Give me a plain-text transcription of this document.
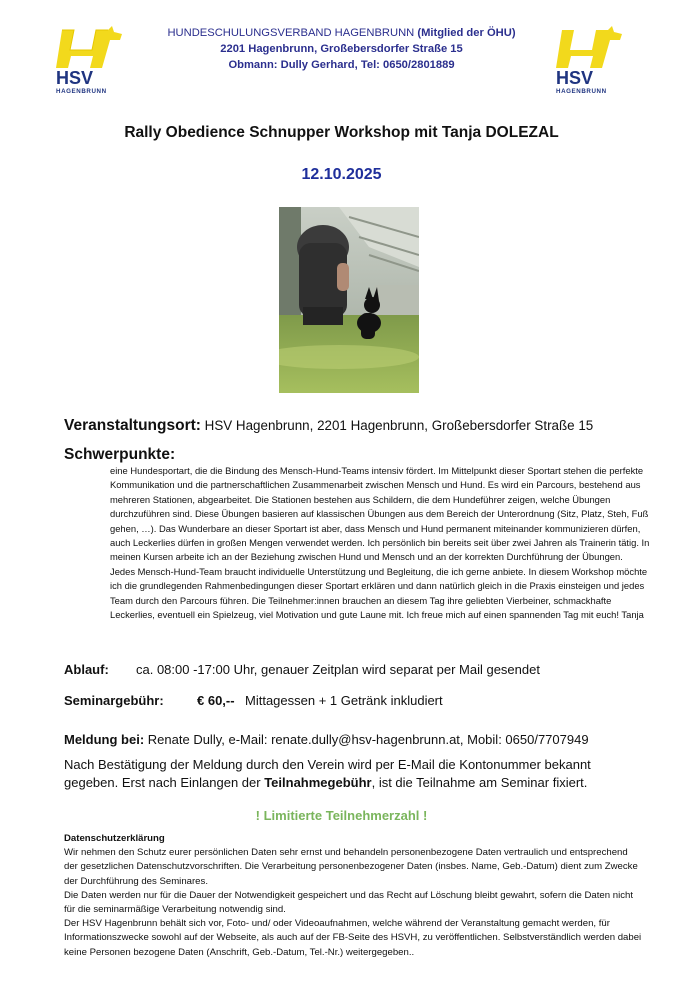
HSV
HAGENBRUNN
HSV
HAGENBRUNN
HUNDESCHULUNGSVERBAND HAGENBRUNN (Mitglied der ÖHU)
2201 Hagenbrunn, Großebersdorfer Straße 15
Obmann: Dully Gerhard, Tel: 0650/2801889
Rally Obedience Schnupper Workshop mit Tanja DOLEZAL
12.10.2025
Veranstaltungsort: HSV Hagenbrunn, 2201 Hagenbrunn, Großebersdorfer Straße 15
Schwerpunkte:
eine Hundesportart, die die Bindung des Mensch-Hund-Teams intensiv fördert. Im Mittelpunkt dieser Sportart stehen die perfekte Kommunikation und die partnerschaftlichen Zusammenarbeit zwischen Mensch und Hund. Es wird ein Parcours, bestehend aus mehreren Stationen, abgearbeitet. Die Stationen bestehen aus Schildern, die dem Hundeführer zeigen, welche Übungen durchzuführen sind. Diese Übungen basieren auf klassischen Übungen aus dem Bereich der Unterordnung (Sitz, Platz, Steh, Fuß gehen, …). Das Wunderbare an dieser Sportart ist aber, dass Mensch und Hund permanent miteinander kommunizieren dürfen, auch Leckerlies dürfen in großen Mengen verwendet werden. Ich persönlich bin bereits seit über zwei Jahren als Trainerin tätig. In meinen Kursen arbeite ich an der Beziehung zwischen Hund und Mensch und an der korrekten Durchführung der Übungen. Jedes Mensch-Hund-Team braucht individuelle Unterstützung und Begleitung, die ich gerne anbiete. In diesem Workshop möchte ich die grundlegenden Rahmenbedingungen dieser Sportart erklären und dann natürlich gleich in die Praxis einsteigen und jedes Team durch den Parcours führen. Die Teilnehmer:innen brauchen an diesem Tag ihre geliebten Vierbeiner, schmackhafte Leckerlies, eventuell ein Spielzeug, viel Motivation und gute Laune mit. Ich freue mich auf einen spannenden Tag mit euch! Tanja
Ablauf: ca. 08:00 -17:00 Uhr, genauer Zeitplan wird separat per Mail gesendet
Seminargebühr:	€ 60,-- Mittagessen + 1 Getränk inkludiert
Meldung bei: Renate Dully, e-Mail: renate.dully@hsv-hagenbrunn.at, Mobil: 0650/7707949
Nach Bestätigung der Meldung durch den Verein wird per E-Mail die Kontonummer bekannt gegeben. Erst nach Einlangen der Teilnahmegebühr, ist die Teilnahme am Seminar fixiert.
! Limitierte Teilnehmerzahl !
Datenschutzerklärung
Wir nehmen den Schutz eurer persönlichen Daten sehr ernst und behandeln personenbezogene Daten vertraulich und entsprechend der gesetzlichen Datenschutzvorschriften. Die Verarbeitung personenbezogener Daten (insbes. Name, Geb.-Datum) dient zum Zwecke der Durchführung des Seminares.
Die Daten werden nur für die Dauer der Notwendigkeit gespeichert und das Recht auf Löschung bleibt gewahrt, sofern die Daten nicht für die seminarmäßige Verarbeitung notwendig sind.
Der HSV Hagenbrunn behält sich vor, Foto- und/ oder Videoaufnahmen, welche während der Veranstaltung gemacht werden, für Informationszwecke sowohl auf der Webseite, als auch auf der FB-Seite des HSVH, zu veröffentlichen. Selbstverständlich werden dabei keine Personen bezogene Daten (Anschrift, Geb.-Datum, Tel.-Nr.) weitergegeben..
